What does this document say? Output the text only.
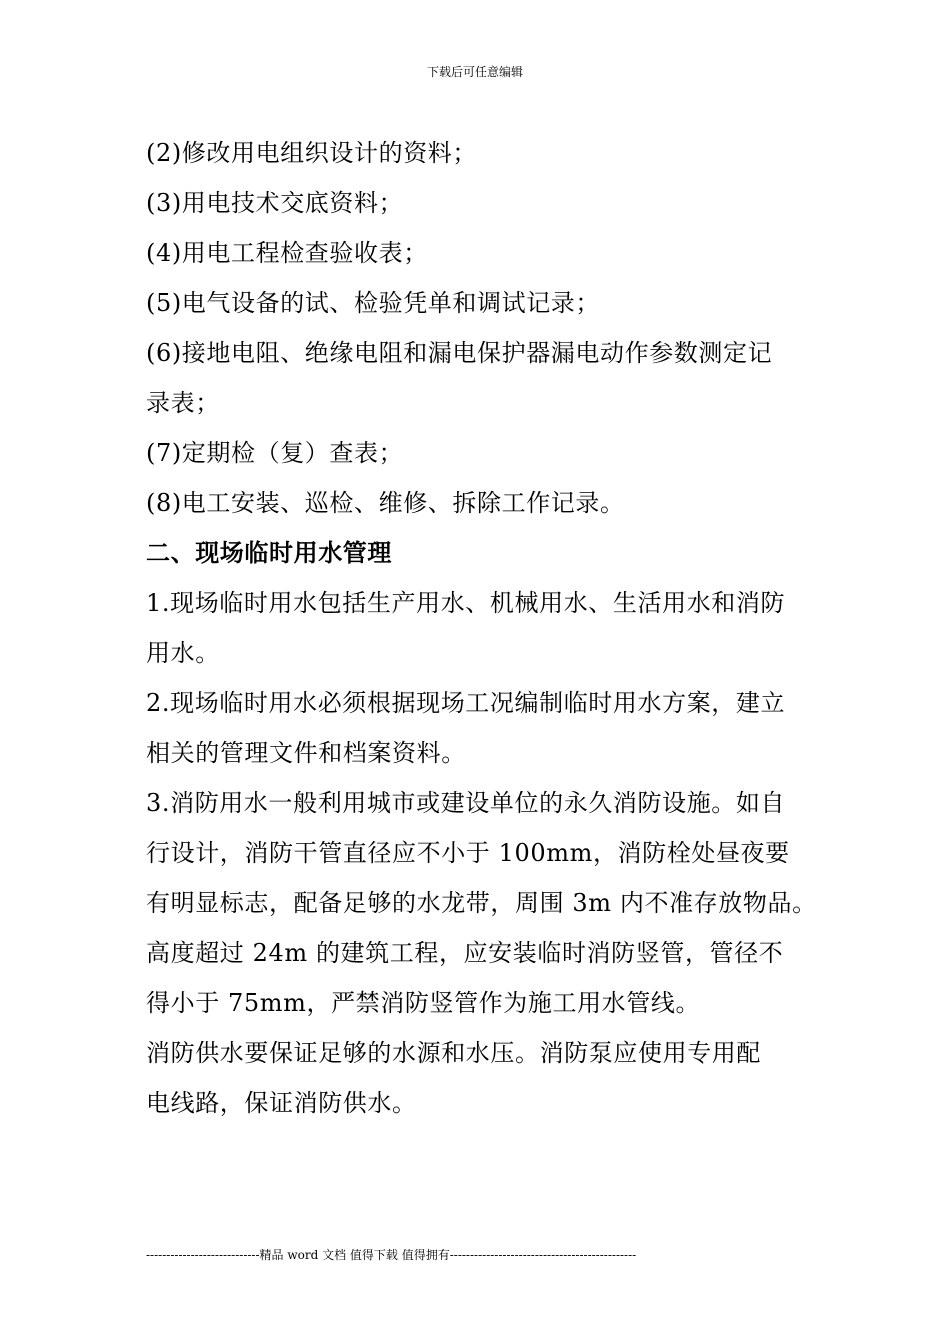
下载后可任意编辑
(2)修改用电组织设计的资料；
(3)用电技术交底资料；
(4)用电工程检查验收表；
(5)电气设备的试、检验凭单和调试记录；
(6)接地电阻、绝缘电阻和漏电保护器漏电动作参数测定记
录表；
(7)定期检（复）查表；
(8)电工安装、巡检、维修、拆除工作记录。
二、现场临时用水管理
1.现场临时用水包括生产用水、机械用水、生活用水和消防
用水。
2.现场临时用水必须根据现场工况编制临时用水方案，建立
相关的管理文件和档案资料。
3.消防用水一般利用城市或建设单位的永久消防设施。如自
行设计，消防干管直径应不小于 100mm，消防栓处昼夜要
有明显标志，配备足够的水龙带，周围 3m 内不准存放物品。
高度超过 24m 的建筑工程，应安装临时消防竖管，管径不
得小于 75mm，严禁消防竖管作为施工用水管线。
消防供水要保证足够的水源和水压。消防泵应使用专用配
电线路，保证消防供水。
----------------------------精品 word 文档 值得下载 值得拥有----------------------------------------------
